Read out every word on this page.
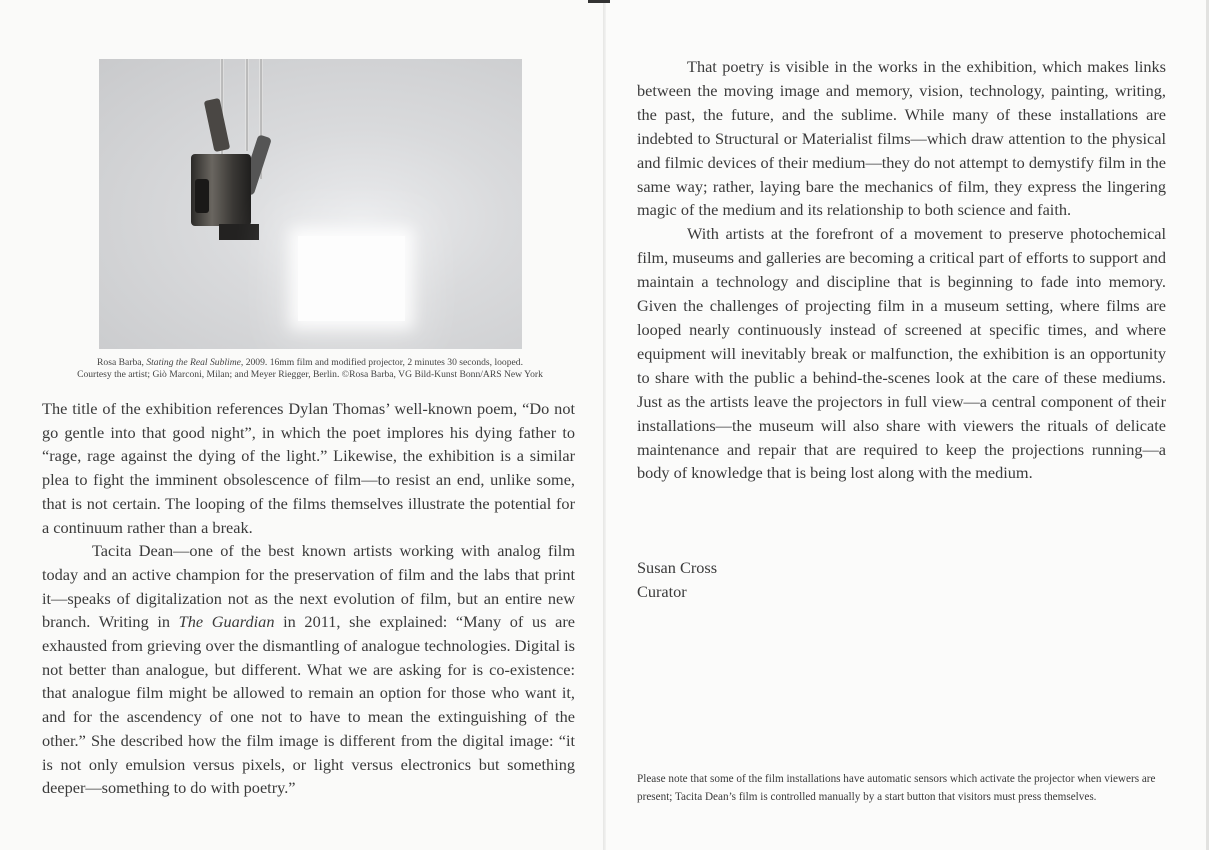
Rosa Barba, Stating the Real Sublime, 2009. 16mm film and modified projector, 2 minutes 30 seconds, looped.
Courtesy the artist; Giò Marconi, Milan; and Meyer Riegger, Berlin. ©Rosa Barba, VG Bild-Kunst Bonn/ARS New York

The title of the exhibition references Dylan Thomas’ well-known poem, “Do not go gentle into that good night”, in which the poet implores his dying father to “rage, rage against the dying of the light.” Likewise, the exhibition is a similar plea to fight the imminent obsolescence of film—to resist an end, unlike some, that is not certain. The looping of the films themselves illustrate the potential for a continuum rather than a break.

Tacita Dean—one of the best known artists working with analog film today and an active champion for the preservation of film and the labs that print it—speaks of digitalization not as the next evolution of film, but an entire new branch. Writing in The Guardian in 2011, she explained: “Many of us are exhausted from grieving over the dismantling of analogue technologies. Digital is not better than analogue, but different. What we are asking for is co-existence: that analogue film might be allowed to remain an option for those who want it, and for the ascendency of one not to have to mean the extinguishing of the other.” She described how the film image is different from the digital image: “it is not only emulsion versus pixels, or light versus electronics but something deeper—something to do with poetry.”

That poetry is visible in the works in the exhibition, which makes links between the moving image and memory, vision, technology, painting, writing, the past, the future, and the sublime. While many of these installations are indebted to Structural or Materialist films—which draw attention to the physical and filmic devices of their medium—they do not attempt to demystify film in the same way; rather, laying bare the mechanics of film, they express the lingering magic of the medium and its relationship to both science and faith.

With artists at the forefront of a movement to preserve photochemical film, museums and galleries are becoming a critical part of efforts to support and maintain a technology and discipline that is beginning to fade into memory. Given the challenges of projecting film in a museum setting, where films are looped nearly continuously instead of screened at specific times, and where equipment will inevitably break or malfunction, the exhibition is an opportunity to share with the public a behind-the-scenes look at the care of these mediums. Just as the artists leave the projectors in full view—a central component of their installations—the museum will also share with viewers the rituals of delicate maintenance and repair that are required to keep the projections running—a body of knowledge that is being lost along with the medium.

Susan Cross
Curator
Please note that some of the film installations have automatic sensors which activate the projector when viewers are present; Tacita Dean’s film is controlled manually by a start button that visitors must press themselves.
